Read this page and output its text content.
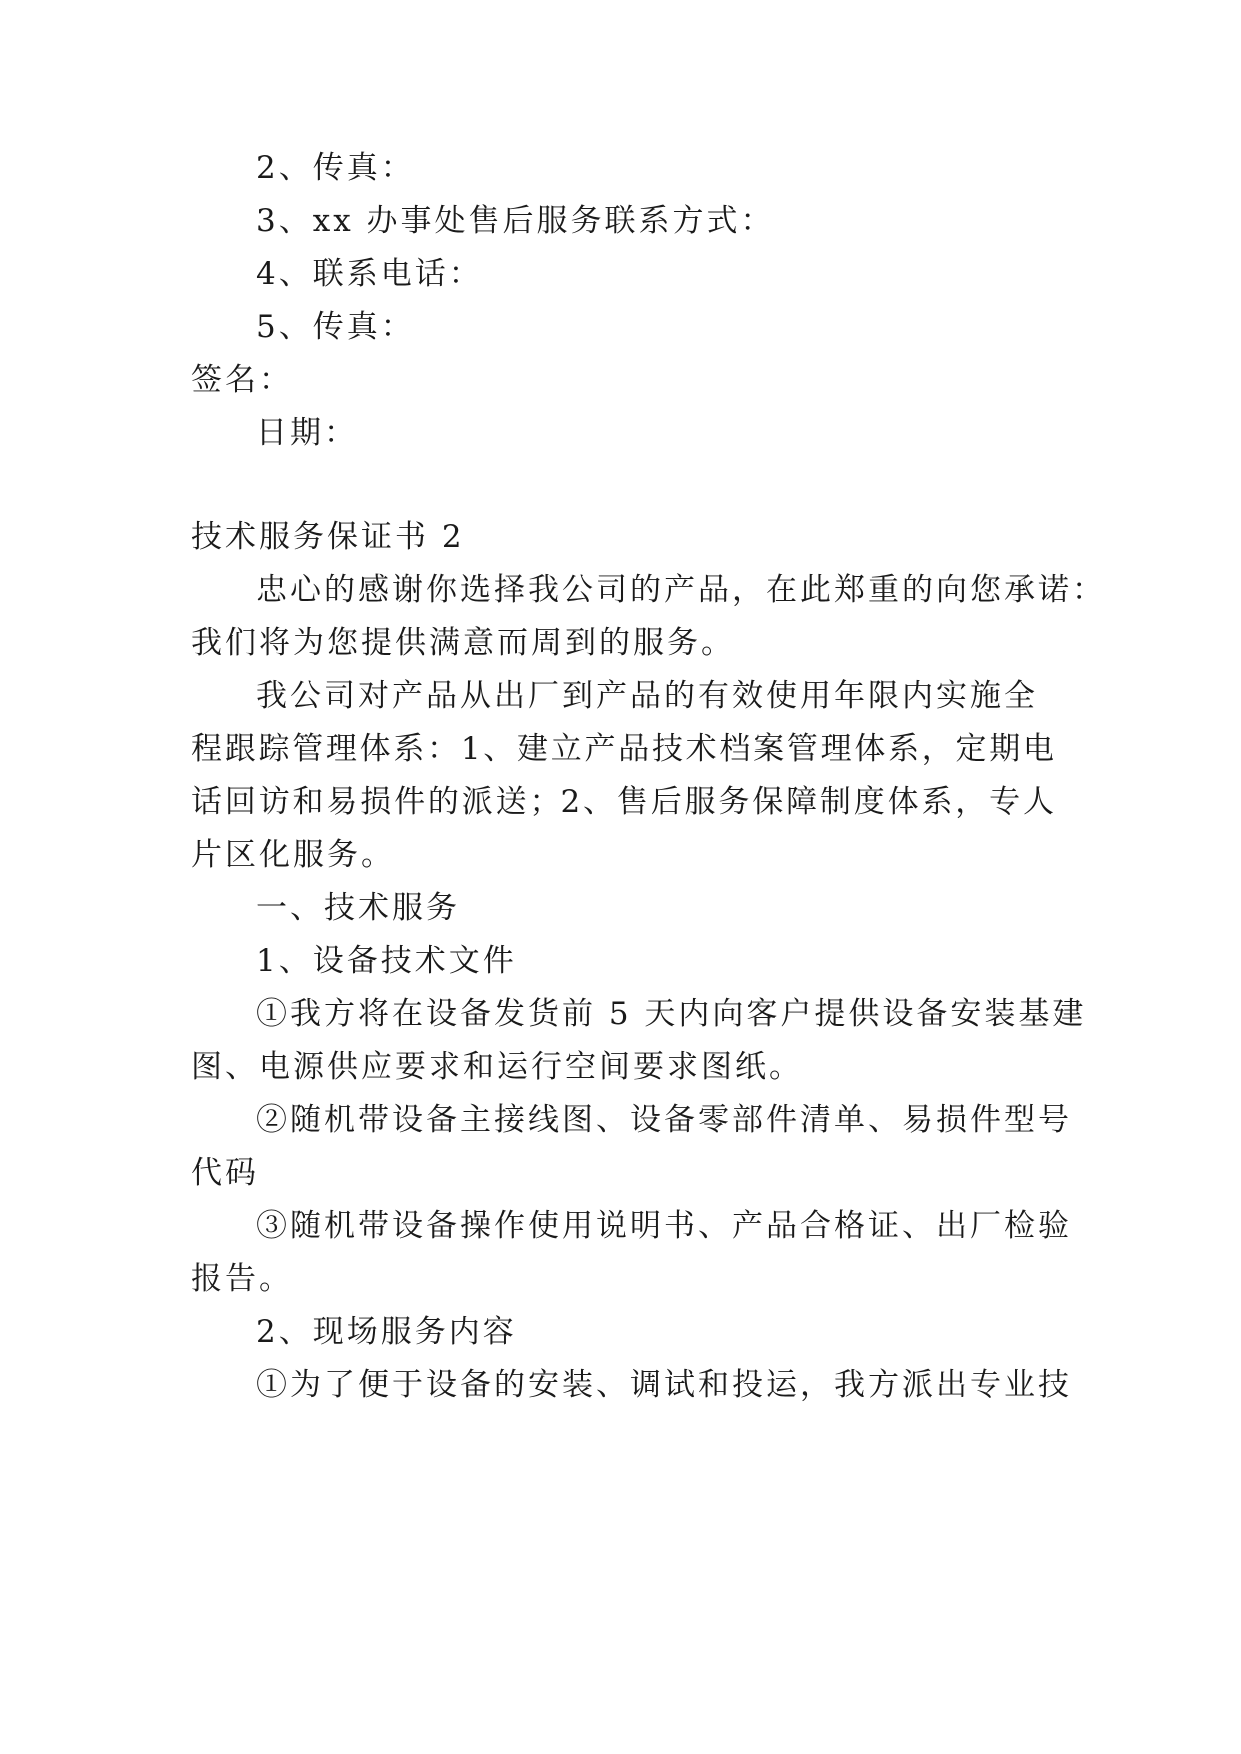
2、传真：
3、xx 办事处售后服务联系方式：
4、联系电话：
5、传真：
签名：
日期：
技术服务保证书 2
忠心的感谢你选择我公司的产品，在此郑重的向您承诺：
我们将为您提供满意而周到的服务。
我公司对产品从出厂到产品的有效使用年限内实施全
程跟踪管理体系：1、建立产品技术档案管理体系，定期电
话回访和易损件的派送；2、售后服务保障制度体系，专人
片区化服务。
一、技术服务
1、设备技术文件
①我方将在设备发货前 5 天内向客户提供设备安装基建
图、电源供应要求和运行空间要求图纸。
②随机带设备主接线图、设备零部件清单、易损件型号
代码
③随机带设备操作使用说明书、产品合格证、出厂检验
报告。
2、现场服务内容
①为了便于设备的安装、调试和投运，我方派出专业技
